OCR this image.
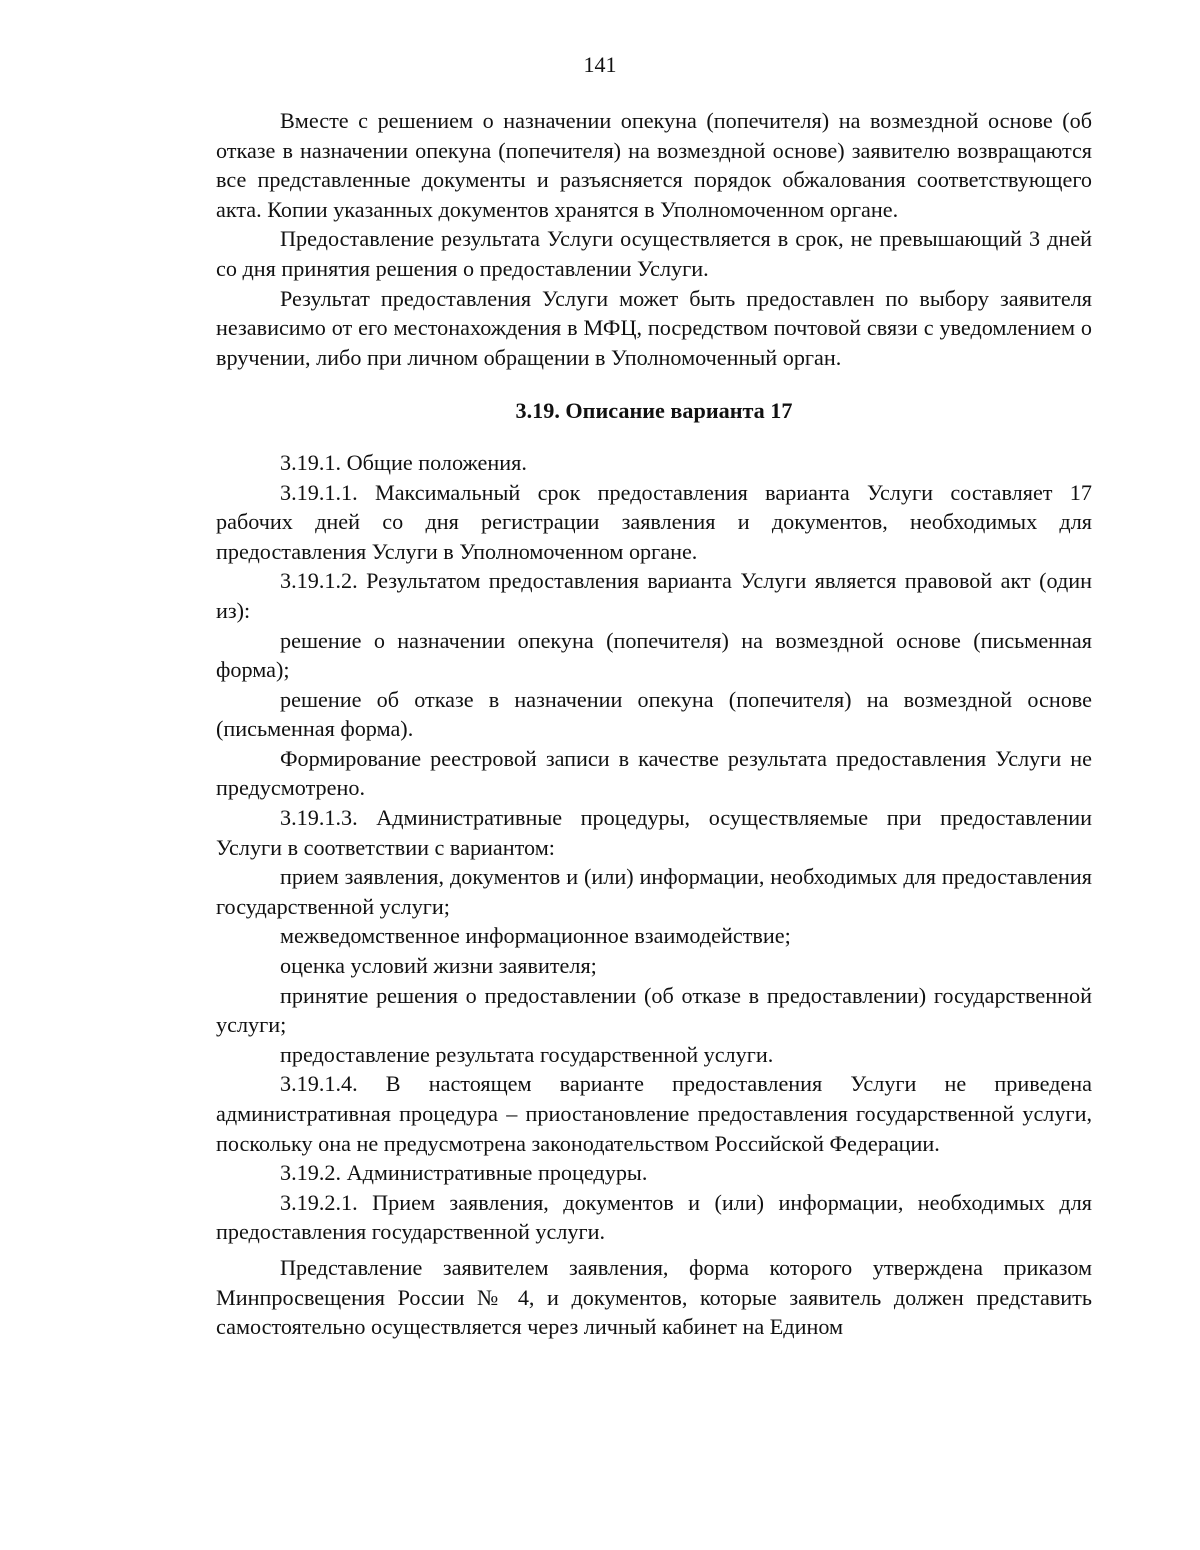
141

Вместе с решением о назначении опекуна (попечителя) на возмездной основе (об отказе в назначении опекуна (попечителя) на возмездной основе) заявителю возвращаются все представленные документы и разъясняется порядок обжалования соответствующего акта. Копии указанных документов хранятся в Уполномоченном органе.

Предоставление результата Услуги осуществляется в срок, не превышающий 3 дней со дня принятия решения о предоставлении Услуги.

Результат предоставления Услуги может быть предоставлен по выбору заявителя независимо от его местонахождения в МФЦ, посредством почтовой связи с уведомлением о вручении, либо при личном обращении в Уполномоченный орган.

3.19. Описание варианта 17

3.19.1. Общие положения.

3.19.1.1. Максимальный срок предоставления варианта Услуги составляет 17 рабочих дней со дня регистрации заявления и документов, необходимых для предоставления Услуги в Уполномоченном органе.

3.19.1.2. Результатом предоставления варианта Услуги является правовой акт (один из):

решение о назначении опекуна (попечителя) на возмездной основе (письменная форма);

решение об отказе в назначении опекуна (попечителя) на возмездной основе (письменная форма).

Формирование реестровой записи в качестве результата предоставления Услуги не предусмотрено.

3.19.1.3. Административные процедуры, осуществляемые при предоставлении Услуги в соответствии с вариантом:

прием заявления, документов и (или) информации, необходимых для предоставления государственной услуги;

межведомственное информационное взаимодействие;

оценка условий жизни заявителя;

принятие решения о предоставлении (об отказе в предоставлении) государственной услуги;

предоставление результата государственной услуги.

3.19.1.4. В настоящем варианте предоставления Услуги не приведена административная процедура – приостановление предоставления государственной услуги, поскольку она не предусмотрена законодательством Российской Федерации.

3.19.2. Административные процедуры.

3.19.2.1. Прием заявления, документов и (или) информации, необходимых для предоставления государственной услуги.

Представление заявителем заявления, форма которого утверждена приказом Минпросвещения России № 4, и документов, которые заявитель должен представить самостоятельно осуществляется через личный кабинет на Едином
